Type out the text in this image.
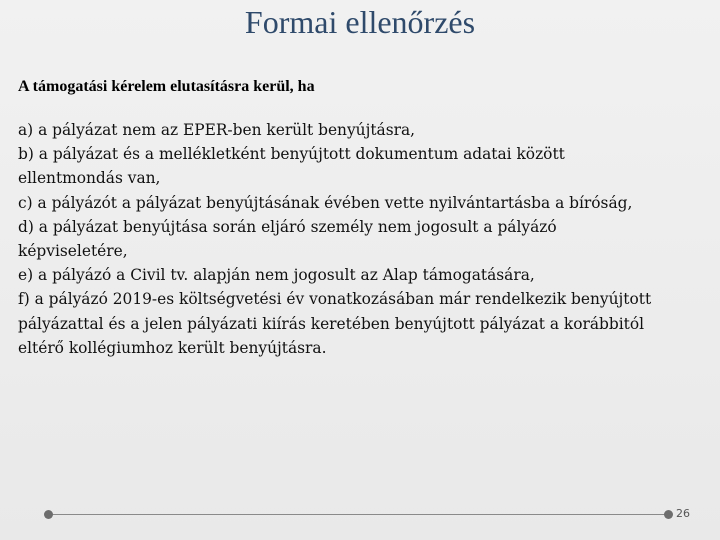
Formai ellenőrzés

A támogatási kérelem elutasításra kerül, ha

a) a pályázat nem az EPER-ben került benyújtásra,
b) a pályázat és a mellékletként benyújtott dokumentum adatai között ellentmondás van,
c) a pályázót a pályázat benyújtásának évében vette nyilvántartásba a bíróság,
d) a pályázat benyújtása során eljáró személy nem jogosult a pályázó képviseletére,
e) a pályázó a Civil tv. alapján nem jogosult az Alap támogatására,
f) a pályázó 2019-es költségvetési év vonatkozásában már rendelkezik benyújtott pályázattal és a jelen pályázati kiírás keretében benyújtott pályázat a korábbitól eltérő kollégiumhoz került benyújtásra.
26
